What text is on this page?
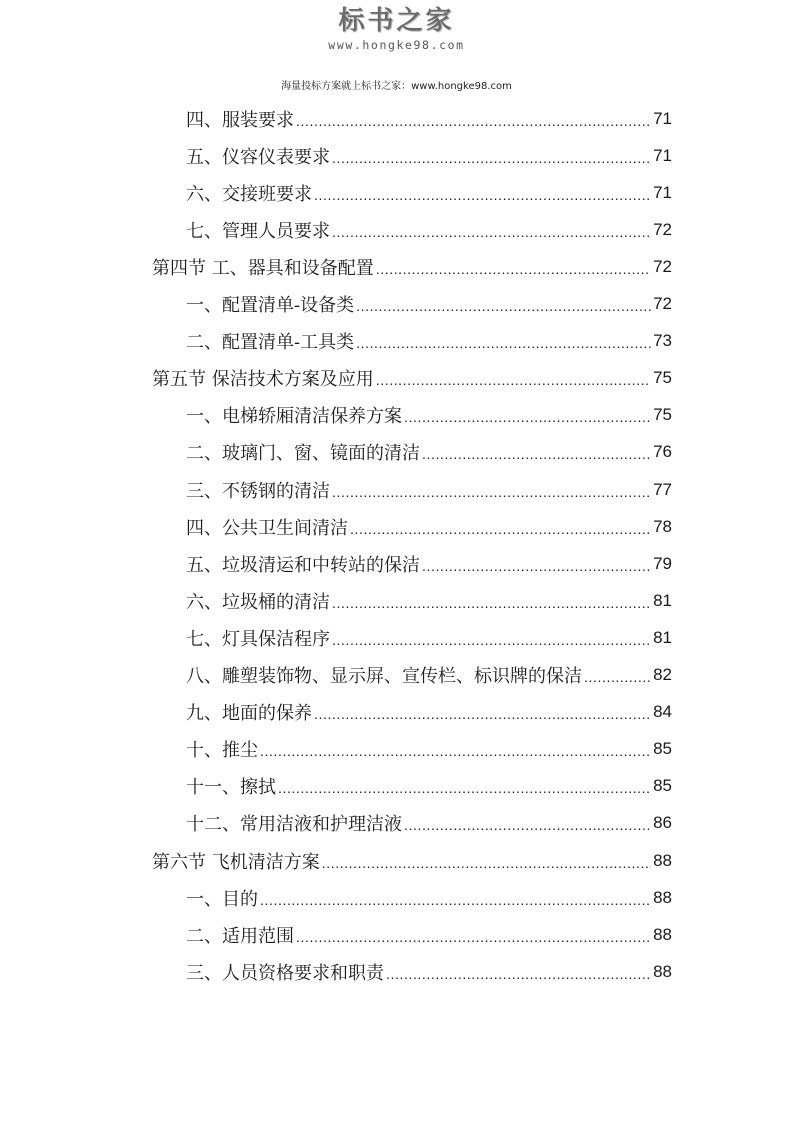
标书之家
www.hongke98.com
海量投标方案就上标书之家：www.hongke98.com
四、服装要求 .....	71
五、仪容仪表要求 .....	71
六、交接班要求 .....	71
七、管理人员要求 .....	72
第四节 工、器具和设备配置 .....	72
一、配置清单-设备类 .....	72
二、配置清单-工具类 .....	73
第五节 保洁技术方案及应用 .....	75
一、电梯轿厢清洁保养方案 .....	75
二、玻璃门、窗、镜面的清洁 .....	76
三、不锈钢的清洁 .....	77
四、公共卫生间清洁 .....	78
五、垃圾清运和中转站的保洁 .....	79
六、垃圾桶的清洁 .....	81
七、灯具保洁程序 .....	81
八、雕塑装饰物、显示屏、宣传栏、标识牌的保洁 .....	82
九、地面的保养 .....	84
十、推尘 .....	85
十一、擦拭 .....	85
十二、常用洁液和护理洁液 .....	86
第六节 飞机清洁方案 .....	88
一、目的 .....	88
二、适用范围 .....	88
三、人员资格要求和职责 .....	88
